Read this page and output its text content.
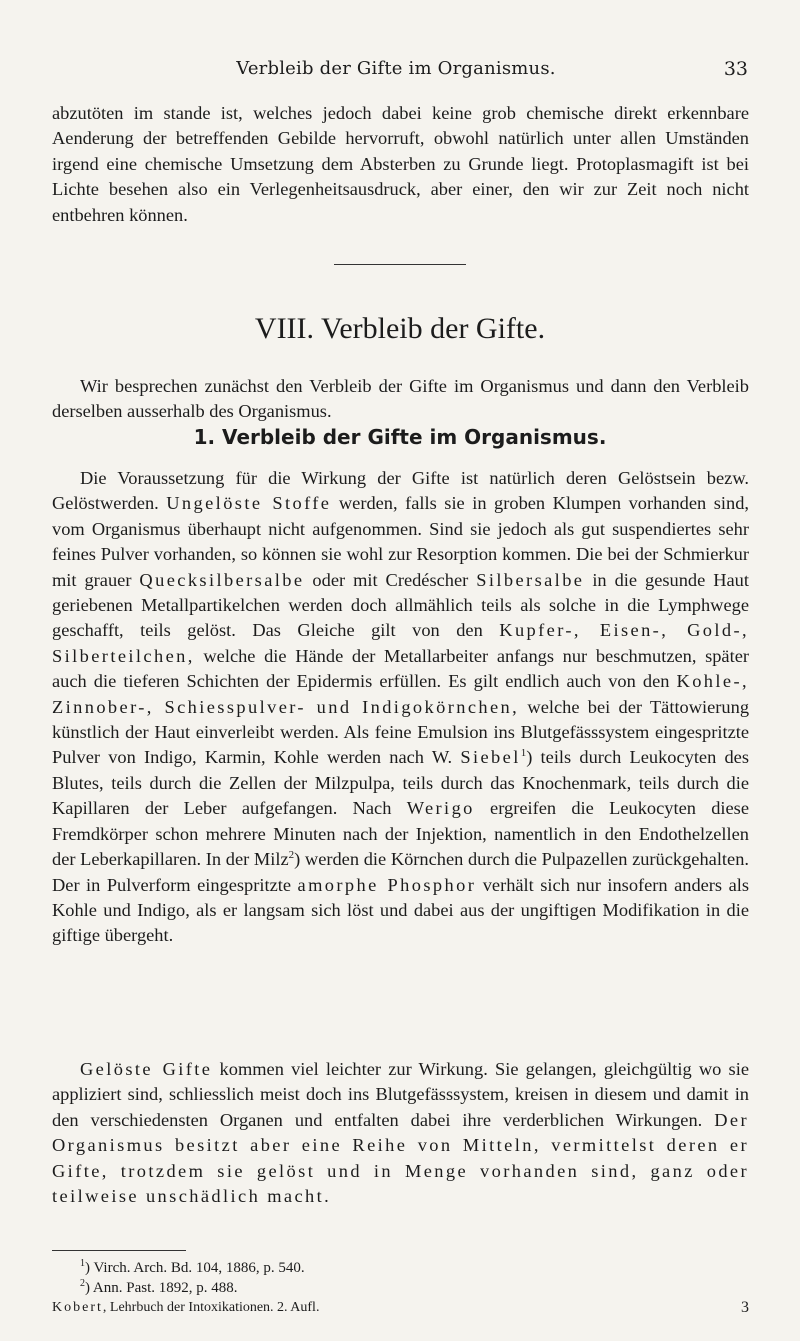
Verbleib der Gifte im Organismus.	33

abzutöten im stande ist, welches jedoch dabei keine grob chemische direkt erkennbare Aenderung der betreffenden Gebilde hervorruft, obwohl natürlich unter allen Umständen irgend eine chemische Umsetzung dem Absterben zu Grunde liegt. Protoplasmagift ist bei Lichte besehen also ein Verlegenheitsausdruck, aber einer, den wir zur Zeit noch nicht entbehren können.

VIII. Verbleib der Gifte.

Wir besprechen zunächst den Verbleib der Gifte im Organismus und dann den Verbleib derselben ausserhalb des Organismus.

1. Verbleib der Gifte im Organismus.

Die Voraussetzung für die Wirkung der Gifte ist natürlich deren Gelöstsein bezw. Gelöstwerden. Ungelöste Stoffe werden, falls sie in groben Klumpen vorhanden sind, vom Organismus überhaupt nicht aufgenommen. Sind sie jedoch als gut suspendiertes sehr feines Pulver vorhanden, so können sie wohl zur Resorption kommen. Die bei der Schmierkur mit grauer Quecksilbersalbe oder mit Credéscher Silbersalbe in die gesunde Haut geriebenen Metallpartikelchen werden doch allmählich teils als solche in die Lymphwege geschafft, teils gelöst. Das Gleiche gilt von den Kupfer-, Eisen-, Gold-, Silberteilchen, welche die Hände der Metallarbeiter anfangs nur beschmutzen, später auch die tieferen Schichten der Epidermis erfüllen. Es gilt endlich auch von den Kohle-, Zinnober-, Schiesspulver- und Indigokörnchen, welche bei der Tättowierung künstlich der Haut einverleibt werden. Als feine Emulsion ins Blutgefässsystem eingespritzte Pulver von Indigo, Karmin, Kohle werden nach W. Siebel$^1$) teils durch Leukocyten des Blutes, teils durch die Zellen der Milzpulpa, teils durch das Knochenmark, teils durch die Kapillaren der Leber aufgefangen. Nach Werigo ergreifen die Leukocyten diese Fremdkörper schon mehrere Minuten nach der Injektion, namentlich in den Endothelzellen der Leberkapillaren. In der Milz$^2$) werden die Körnchen durch die Pulpazellen zurückgehalten. Der in Pulverform eingespritzte amorphe Phosphor verhält sich nur insofern anders als Kohle und Indigo, als er langsam sich löst und dabei aus der ungiftigen Modifikation in die giftige übergeht.

Gelöste Gifte kommen viel leichter zur Wirkung. Sie gelangen, gleichgültig wo sie appliziert sind, schliesslich meist doch ins Blutgefässsystem, kreisen in diesem und damit in den verschiedensten Organen und entfalten dabei ihre verderblichen Wirkungen. Der Organismus besitzt aber eine Reihe von Mitteln, vermittelst deren er Gifte, trotzdem sie gelöst und in Menge vorhanden sind, ganz oder teilweise unschädlich macht.

$^1$) Virch. Arch. Bd. 104, 1886, p. 540.
$^2$) Ann. Past. 1892, p. 488.
Kobert, Lehrbuch der Intoxikationen. 2. Aufl.	3
